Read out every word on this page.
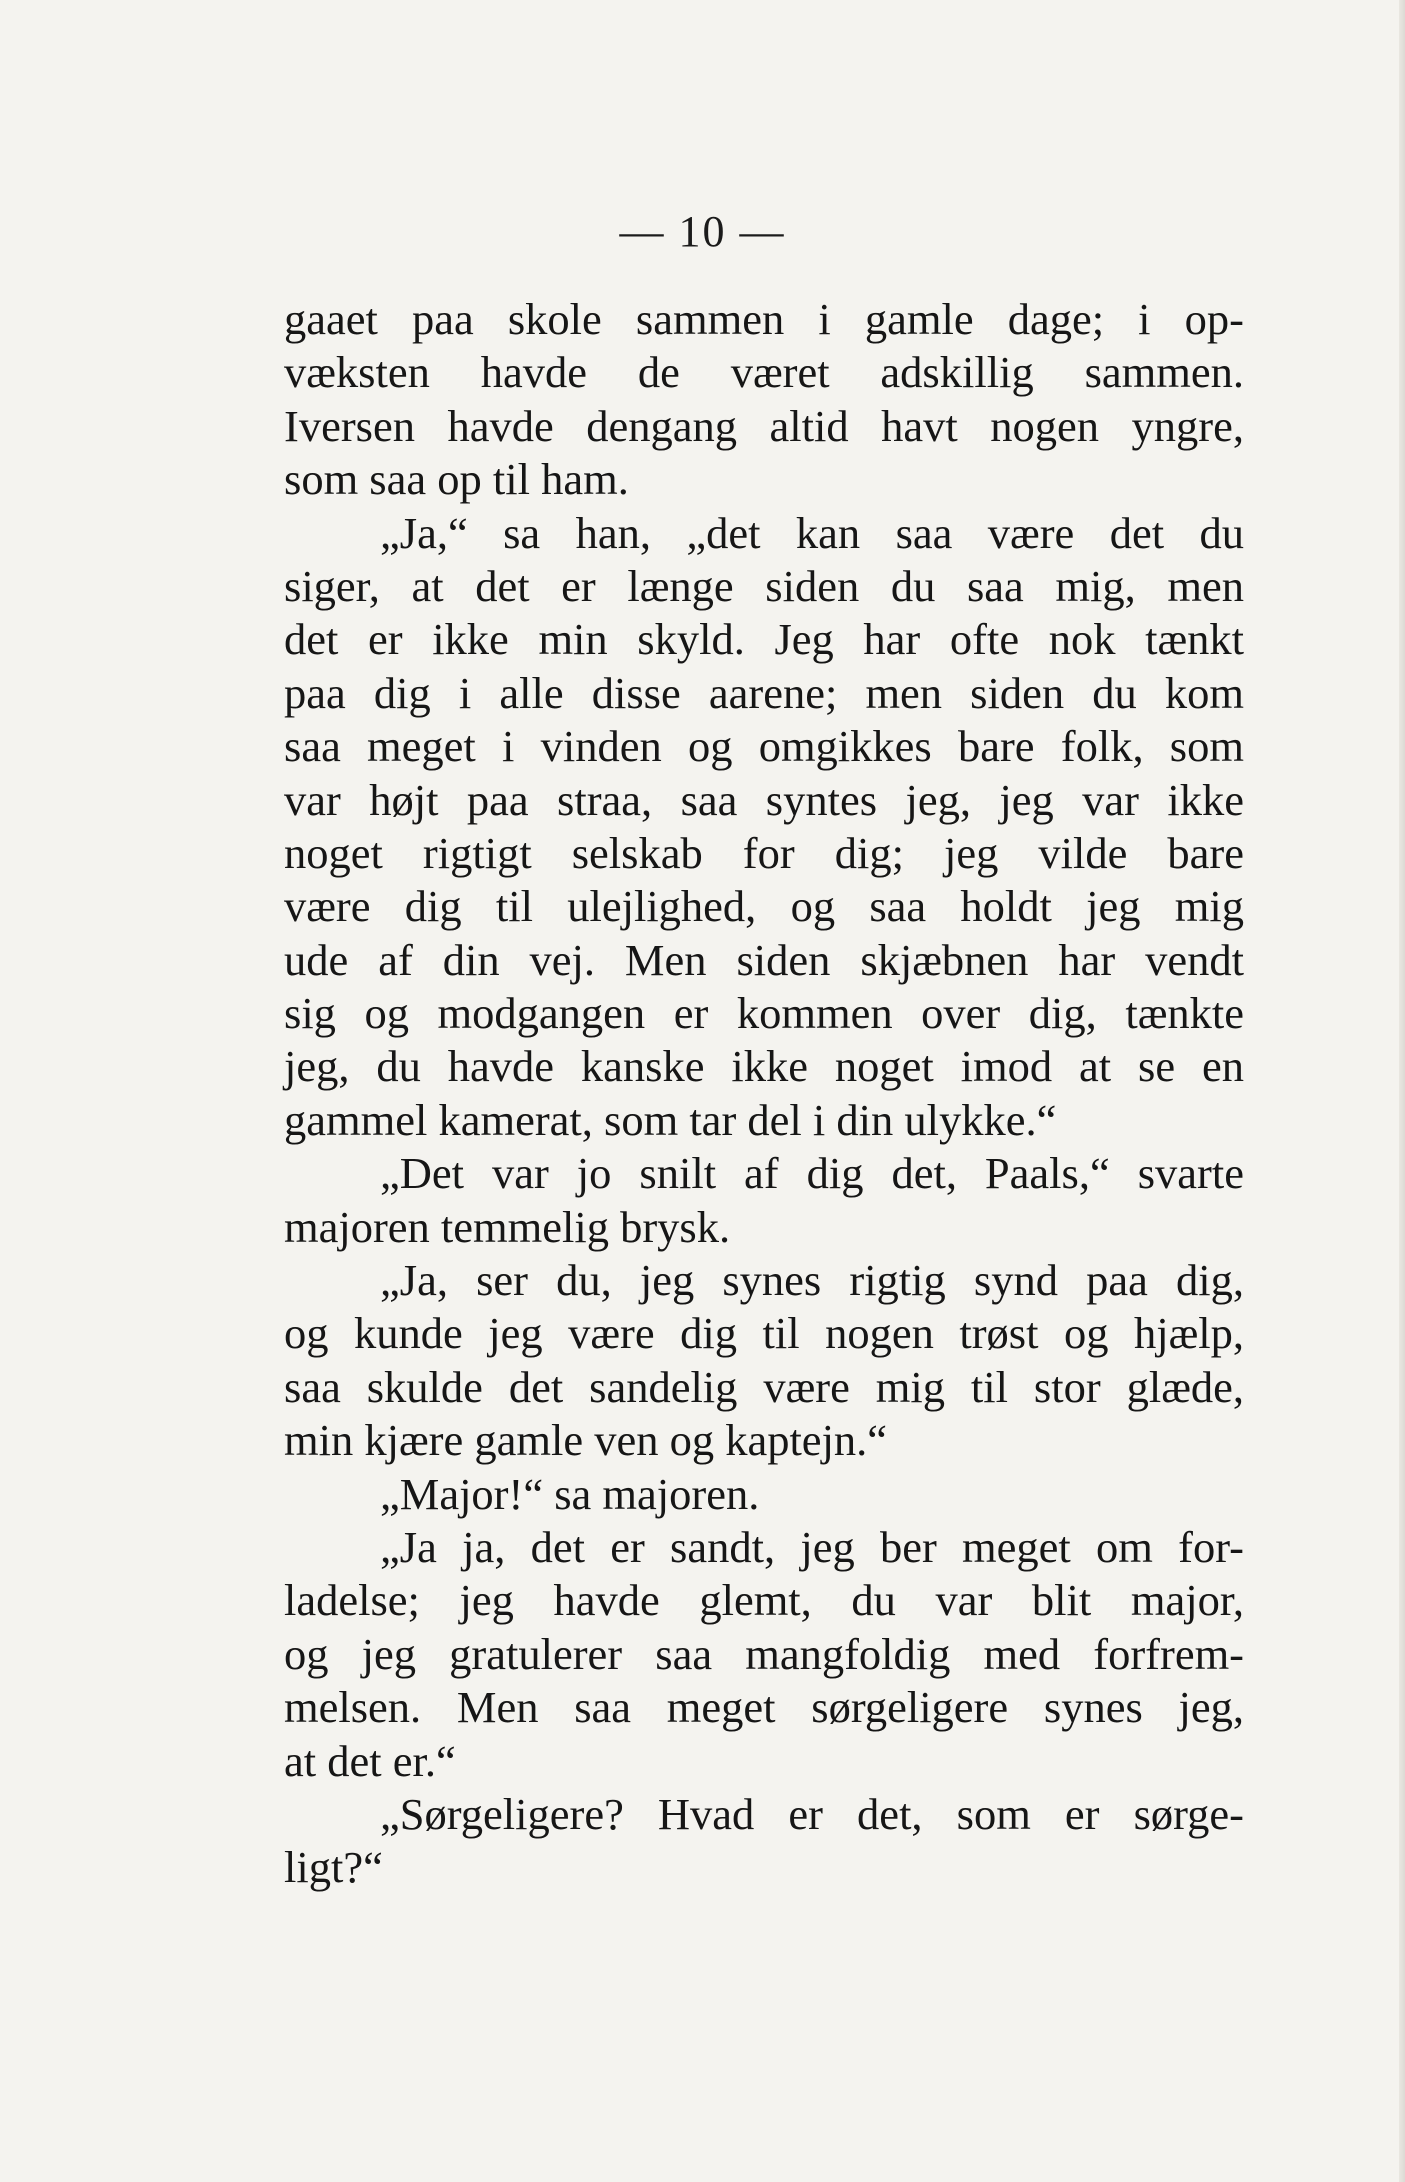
— 10 —
gaaet paa skole sammen i gamle dage; i op-
væksten havde de været adskillig sammen.
Iversen havde dengang altid havt nogen yngre,
som saa op til ham.
„Ja,“ sa han, „det kan saa være det du
siger, at det er længe siden du saa mig, men
det er ikke min skyld. Jeg har ofte nok tænkt
paa dig i alle disse aarene; men siden du kom
saa meget i vinden og omgikkes bare folk, som
var højt paa straa, saa syntes jeg, jeg var ikke
noget rigtigt selskab for dig; jeg vilde bare
være dig til ulejlighed, og saa holdt jeg mig
ude af din vej. Men siden skjæbnen har vendt
sig og modgangen er kommen over dig, tænkte
jeg, du havde kanske ikke noget imod at se en
gammel kamerat, som tar del i din ulykke.“
„Det var jo snilt af dig det, Paals,“ svarte
majoren temmelig brysk.
„Ja, ser du, jeg synes rigtig synd paa dig,
og kunde jeg være dig til nogen trøst og hjælp,
saa skulde det sandelig være mig til stor glæde,
min kjære gamle ven og kaptejn.“
„Major!“ sa majoren.
„Ja ja, det er sandt, jeg ber meget om for-
ladelse; jeg havde glemt, du var blit major,
og jeg gratulerer saa mangfoldig med forfrem-
melsen. Men saa meget sørgeligere synes jeg,
at det er.“
„Sørgeligere? Hvad er det, som er sørge-
ligt?“
